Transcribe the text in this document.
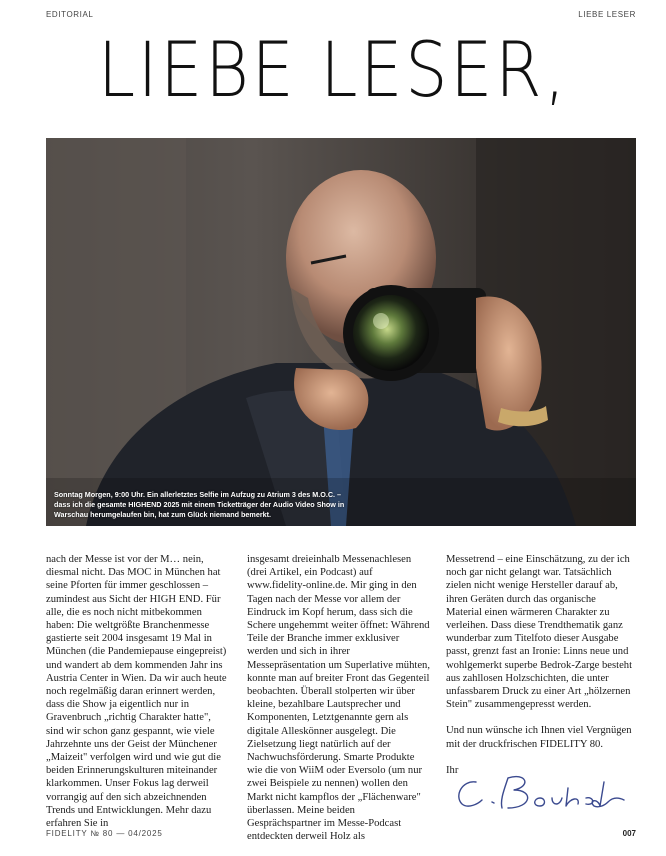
EDITORIAL	LIEBE LESER
LIEBE LESER,

Sonntag Morgen, 9:00 Uhr. Ein allerletztes Selfie im Aufzug zu Atrium 3 des M.O.C. – dass ich die gesamte HIGHEND 2025 mit einem Ticketträger der Audio Video Show in Warschau herumgelaufen bin, hat zum Glück niemand bemerkt.

nach der Messe ist vor der M… nein, diesmal nicht. Das MOC in München hat seine Pforten für immer geschlossen – zumindest aus Sicht der HIGH END. Für alle, die es noch nicht mitbekommen haben: Die weltgrößte Branchenmesse gastierte seit 2004 insgesamt 19 Mal in München (die Pandemiepause eingepreist) und wandert ab dem kommenden Jahr ins Austria Center in Wien. Da wir auch heute noch regelmäßig daran erinnert werden, dass die Show ja eigentlich nur in Gravenbruch „richtig Charakter hatte", sind wir schon ganz gespannt, wie viele Jahrzehnte uns der Geist der Münchener „Maizeit" verfolgen wird und wie gut die beiden Erinnerungskulturen miteinander klarkommen. Unser Fokus lag derweil vorrangig auf den sich abzeichnenden Trends und Entwicklungen. Mehr dazu erfahren Sie in

insgesamt dreieinhalb Messenachlesen (drei Artikel, ein Podcast) auf www.fidelity-online.de. Mir ging in den Tagen nach der Messe vor allem der Eindruck im Kopf herum, dass sich die Schere ungehemmt weiter öffnet: Während Teile der Branche immer exklusiver werden und sich in ihrer Messepräsentation um Superlative mühten, konnte man auf breiter Front das Gegenteil beobachten. Überall stolperten wir über kleine, bezahlbare Lautsprecher und Komponenten, Letztgenannte gern als digitale Alleskönner ausgelegt. Die Zielsetzung liegt natürlich auf der Nachwuchsförderung. Smarte Produkte wie die von WiiM oder Eversolo (um nur zwei Beispiele zu nennen) wollen den Markt nicht kampflos der „Flächenware" überlassen. Meine beiden Gesprächspartner im Messe-Podcast entdeckten derweil Holz als

Messetrend – eine Einschätzung, zu der ich noch gar nicht gelangt war. Tatsächlich zielen nicht wenige Hersteller darauf ab, ihren Geräten durch das organische Material einen wärmeren Charakter zu verleihen. Dass diese Trendthematik ganz wunderbar zum Titelfoto dieser Ausgabe passt, grenzt fast an Ironie: Linns neue und wohlgemerkt superbe Bedrok-Zarge besteht aus zahllosen Holzschichten, die unter unfassbarem Druck zu einer Art „hölzernen Stein" zusammengepresst werden.

Und nun wünsche ich Ihnen viel Vergnügen mit der druckfrischen FIDELITY 80.

Ihr

FIDELITY № 80 — 04/2025	007
